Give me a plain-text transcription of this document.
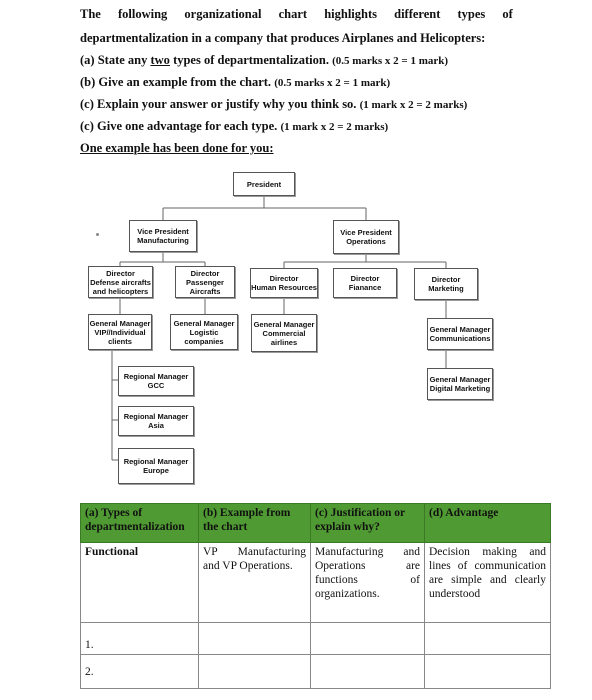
The following organizational chart highlights different types of
departmentalization in a company that produces Airplanes and Helicopters:
(a) State any two types of departmentalization. (0.5 marks x 2 = 1 mark)
(b) Give an example from the chart. (0.5 marks x 2 = 1 mark)
(c) Explain your answer or justify why you think so. (1 mark x 2 = 2 marks)
(c) Give one advantage for each type. (1 mark x 2 = 2 marks)
One example has been done for you:
President
Vice President
Manufacturing
Vice President
Operations
Director
Defense aircrafts
and helicopters
Director
Passenger
Aircrafts
Director
Human Resources
Director
Fianance
Director
Marketing
General Manager
VIP//Individual
clients
General Manager
Logistic
companies
General Manager
Commercial
airlines
General Manager
Communications
General Manager
Digital Marketing
Regional Manager
GCC
Regional Manager
Asia
Regional Manager
Europe
(a) Types of departmentalization	(b) Example from the chart	(c) Justification or explain why?	(d) Advantage
Functional	VP Manufacturing and VP Operations.	Manufacturing and Operations are functions of organizations.	Decision making and lines of communication are simple and clearly understood
1.			
2.			
